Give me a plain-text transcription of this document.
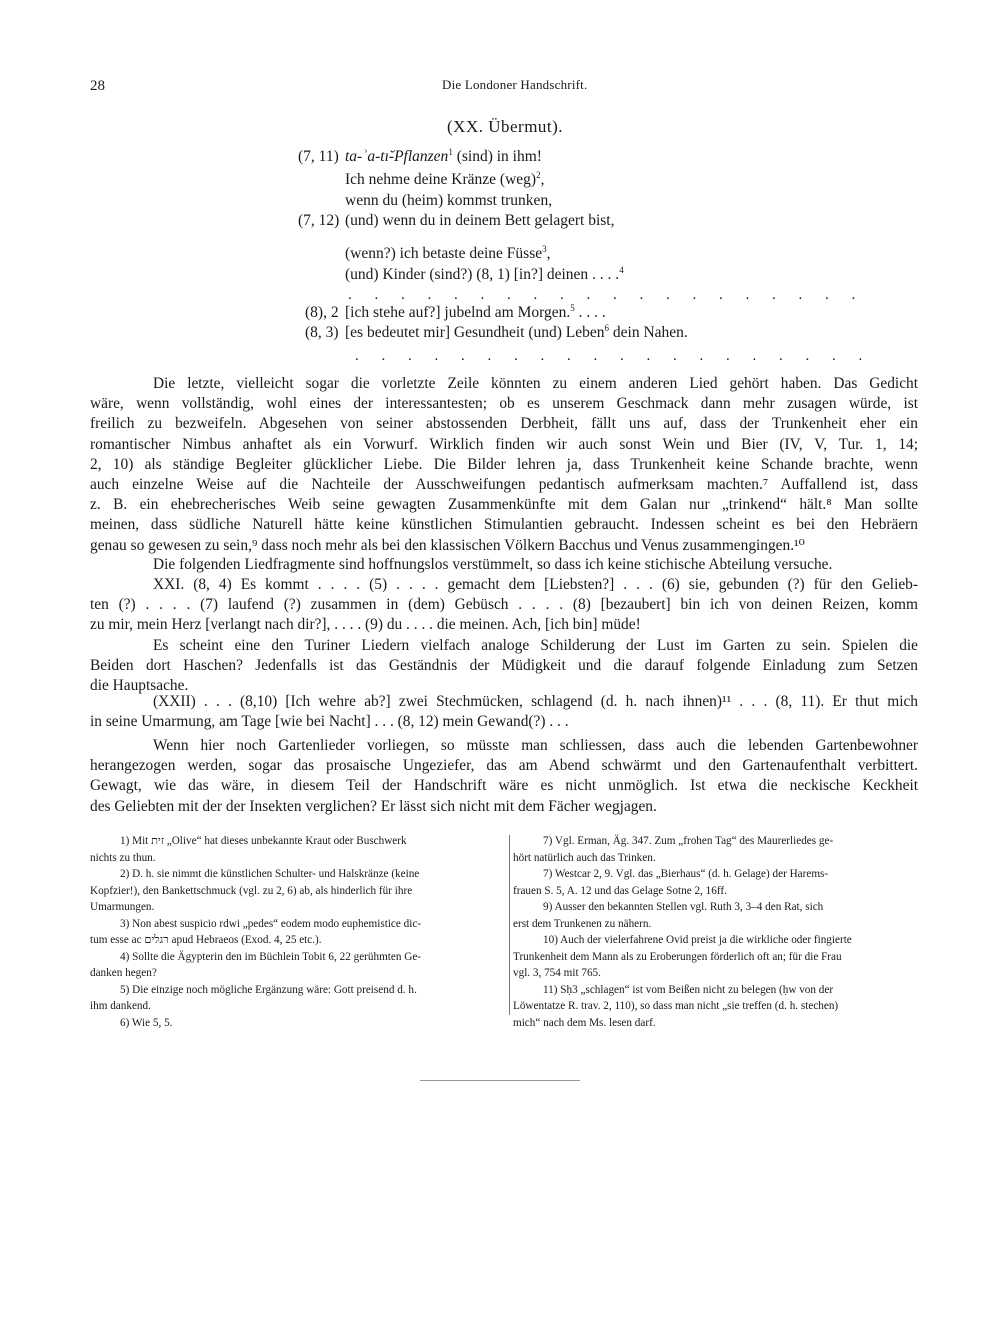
28	Die Londoner Handschrift.
(XX. Übermut).
(7, 11) ta-ʾa-tı̆-Pflanzen$^1$ (sind) in ihm!
Ich nehme deine Kränze (weg)$^2$,
wenn du (heim) kommst trunken,
(7, 12) (und) wenn du in deinem Bett gelagert bist,
(wenn?) ich betaste deine Füsse$^3$,
(und) Kinder (sind?) (8, 1) [in?] deinen . . . .$^4$
(8), 2 [ich stehe auf?] jubelnd am Morgen.$^5$ . . . .
(8, 3) [es bedeutet mir] Gesundheit (und) Leben$^6$ dein Nahen.
. . . . . . . . . . . . . . . . . . . .
. . . . . . . . . . . . . . . . . . . .
Die letzte, vielleicht sogar die vorletzte Zeile könnten zu einem anderen Lied gehört haben. Das Gedicht
wäre, wenn vollständig, wohl eines der interessantesten; ob es unserem Geschmack dann mehr zusagen würde, ist
freilich zu bezweifeln. Abgesehen von seiner abstossenden Derbheit, fällt uns auf, dass der Trunkenheit eher ein
romantischer Nimbus anhaftet als ein Vorwurf. Wirklich finden wir auch sonst Wein und Bier (IV, V, Tur. 1, 14;
2, 10) als ständige Begleiter glücklicher Liebe. Die Bilder lehren ja, dass Trunkenheit keine Schande brachte, wenn
auch einzelne Weise auf die Nachteile der Ausschweifungen pedantisch aufmerksam machten.⁷ Auffallend ist, dass
z. B. ein ehebrecherisches Weib seine gewagten Zusammenkünfte mit dem Galan nur „trinkend“ hält.⁸ Man sollte
meinen, dass südliche Naturell hätte keine künstlichen Stimulantien gebraucht. Indessen scheint es bei den Hebräern
genau so gewesen zu sein,⁹ dass noch mehr als bei den klassischen Völkern Bacchus und Venus zusammengingen.¹⁰
Die folgenden Liedfragmente sind hoffnungslos verstümmelt, so dass ich keine stichische Abteilung versuche.
XXI. (8, 4) Es kommt . . . . (5) . . . . gemacht dem [Liebsten?] . . . (6) sie, gebunden (?) für den Gelieb-
ten (?) . . . . (7) laufend (?) zusammen in (dem) Gebüsch . . . . (8) [bezaubert] bin ich von deinen Reizen, komm
zu mir, mein Herz [verlangt nach dir?], . . . . (9) du . . . . die meinen. Ach, [ich bin] müde!
Es scheint eine den Turiner Liedern vielfach analoge Schilderung der Lust im Garten zu sein. Spielen die
Beiden dort Haschen? Jedenfalls ist das Geständnis der Müdigkeit und die darauf folgende Einladung zum Setzen
die Hauptsache.
(XXII) . . . (8,10) [Ich wehre ab?] zwei Stechmücken, schlagend (d. h. nach ihnen)¹¹ . . . (8, 11). Er thut mich
in seine Umarmung, am Tage [wie bei Nacht] . . . (8, 12) mein Gewand(?) . . .
Wenn hier noch Gartenlieder vorliegen, so müsste man schliessen, dass auch die lebenden Gartenbewohner
herangezogen werden, sogar das prosaische Ungeziefer, das am Abend schwärmt und den Gartenaufenthalt verbittert.
Gewagt, wie das wäre, in diesem Teil der Handschrift wäre es nicht unmöglich. Ist etwa die neckische Keckheit
des Geliebten mit der der Insekten verglichen? Er lässt sich nicht mit dem Fächer wegjagen.
1) Mit זית „Olive“ hat dieses unbekannte Kraut oder Buschwerk
nichts zu thun.
2) D. h. sie nimmt die künstlichen Schulter- und Halskränze (keine
Kopfzier!), den Bankettschmuck (vgl. zu 2, 6) ab, als hinderlich für ihre
Umarmungen.
3) Non abest suspicio rdwi „pedes“ eodem modo euphemistice dic-
tum esse ac רגלים apud Hebraeos (Exod. 4, 25 etc.).
4) Sollte die Ägypterin den im Büchlein Tobit 6, 22 gerühmten Ge-
danken hegen?
5) Die einzige noch mögliche Ergänzung wäre: Gott preisend d. h.
ihm dankend.
6) Wie 5, 5.
7) Vgl. Erman, Äg. 347. Zum „frohen Tag“ des Maurerliedes ge-
hört natürlich auch das Trinken.
7) Westcar 2, 9. Vgl. das „Bierhaus“ (d. h. Gelage) der Harems-
frauen S. 5, A. 12 und das Gelage Sotne 2, 16ff.
9) Ausser den bekannten Stellen vgl. Ruth 3, 3–4 den Rat, sich
erst dem Trunkenen zu nähern.
10) Auch der vielerfahrene Ovid preist ja die wirkliche oder fingierte
Trunkenheit dem Mann als zu Eroberungen förderlich oft an; für die Frau
vgl. 3, 754 mit 765.
11) Sḥ3 „schlagen“ ist vom Beißen nicht zu belegen (ḥw von der
Löwentatze R. trav. 2, 110), so dass man nicht „sie treffen (d. h. stechen)
mich“ nach dem Ms. lesen darf.
